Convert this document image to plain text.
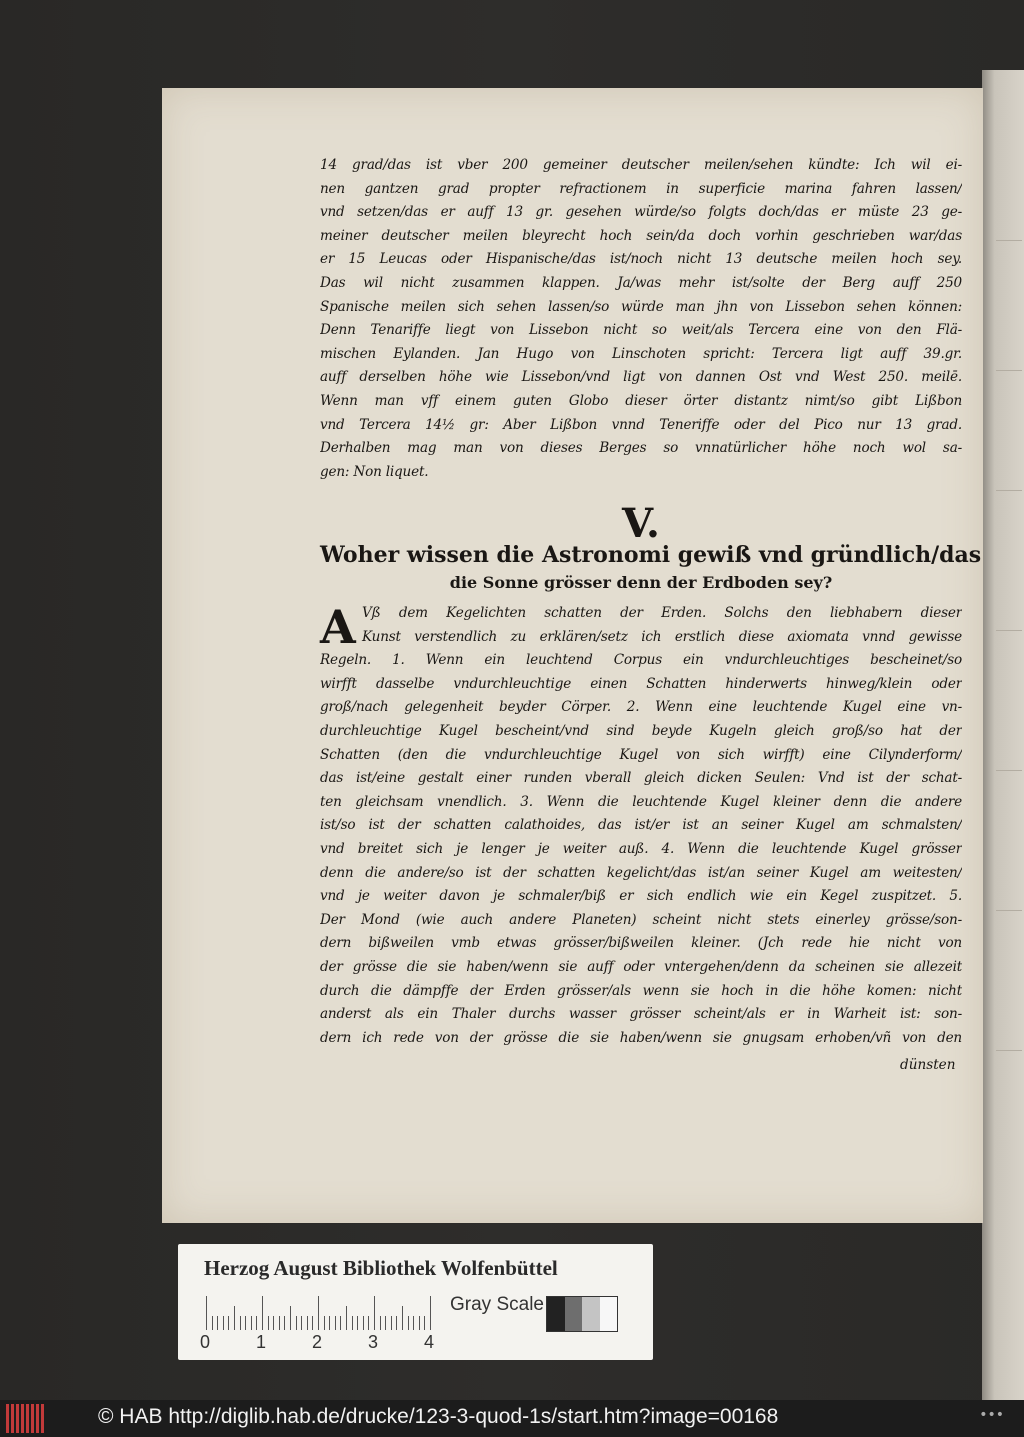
14 grad/das ist vber 200 gemeiner deutscher meilen/sehen kündte: Ich wil ei-
nen gantzen grad propter refractionem in superficie marina fahren lassen/
vnd setzen/das er auff 13 gr. gesehen würde/so folgts doch/das er müste 23 ge-
meiner deutscher meilen bleyrecht hoch sein/da doch vorhin geschrieben war/das
er 15 Leucas oder Hispanische/das ist/noch nicht 13 deutsche meilen hoch sey.
Das wil nicht zusammen klappen. Ja/was mehr ist/solte der Berg auff 250
Spanische meilen sich sehen lassen/so würde man jhn von Lissebon sehen können:
Denn Tenariffe liegt von Lissebon nicht so weit/als Tercera eine von den Flä-
mischen Eylanden. Jan Hugo von Linschoten spricht: Tercera ligt auff 39.gr.
auff derselben höhe wie Lissebon/vnd ligt von dannen Ost vnd West 250. meilē.
Wenn man vff einem guten Globo dieser örter distantz nimt/so gibt Lißbon
vnd Tercera 14½ gr: Aber Lißbon vnnd Teneriffe oder del Pico nur 13 grad.
Derhalben mag man von dieses Berges so vnnatürlicher höhe noch wol sa-
gen: Non liquet.
V.
Woher wissen die Astronomi gewiß vnd gründlich/das
die Sonne grösser denn der Erdboden sey?
A Vß dem Kegelichten schatten der Erden. Solchs den liebhabern dieser
Kunst verstendlich zu erklären/setz ich erstlich diese axiomata vnnd gewisse
Regeln. 1. Wenn ein leuchtend Corpus ein vndurchleuchtiges bescheinet/so
wirfft dasselbe vndurchleuchtige einen Schatten hinderwerts hinweg/klein oder
groß/nach gelegenheit beyder Cörper. 2. Wenn eine leuchtende Kugel eine vn-
durchleuchtige Kugel bescheint/vnd sind beyde Kugeln gleich groß/so hat der
Schatten (den die vndurchleuchtige Kugel von sich wirfft) eine Cilynderform/
das ist/eine gestalt einer runden vberall gleich dicken Seulen: Vnd ist der schat-
ten gleichsam vnendlich. 3. Wenn die leuchtende Kugel kleiner denn die andere
ist/so ist der schatten calathoides, das ist/er ist an seiner Kugel am schmalsten/
vnd breitet sich je lenger je weiter auß. 4. Wenn die leuchtende Kugel grösser
denn die andere/so ist der schatten kegelicht/das ist/an seiner Kugel am weitesten/
vnd je weiter davon je schmaler/biß er sich endlich wie ein Kegel zuspitzet. 5.
Der Mond (wie auch andere Planeten) scheint nicht stets einerley grösse/son-
dern bißweilen vmb etwas grösser/bißweilen kleiner. (Jch rede hie nicht von
der grösse die sie haben/wenn sie auff oder vntergehen/denn da scheinen sie allezeit
durch die dämpffe der Erden grösser/als wenn sie hoch in die höhe komen: nicht
anderst als ein Thaler durchs wasser grösser scheint/als er in Warheit ist: son-
dern ich rede von der grösse die sie haben/wenn sie gnugsam erhoben/vñ von den
dünsten
Herzog August Bibliothek Wolfenbüttel
0	1	2	3	4
Gray Scale
© HAB http://diglib.hab.de/drucke/123-3-quod-1s/start.htm?image=00168	•••
